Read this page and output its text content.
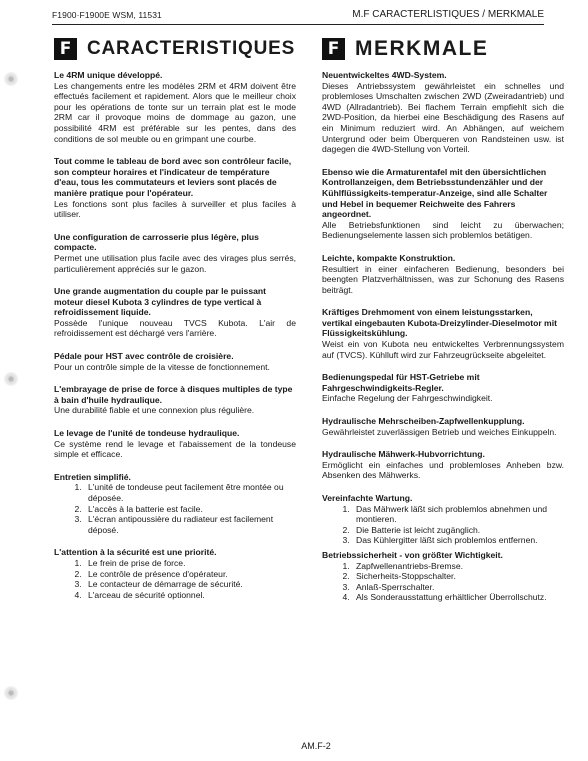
F1900·F1900E WSM, 11531	M.F CARACTERLISTIQUES / MERKMALE
F CARACTERISTIQUES
Le 4RM unique développé.

Les changements entre les modèles 2RM et 4RM doivent être effectués facilement et rapidement. Alors que le meilleur choix pour les opérations de tonte sur un terrain plat est le mode 2RM car il provoque moins de dommage au gazon, une possibilité 4RM est préférable sur les pentes, dans des conditions de sol meuble ou en grimpant une courbe.

Tout comme le tableau de bord avec son contrôleur facile, son compteur horaires et l'indicateur de température d'eau, tous les commutateurs et leviers sont placés de manière pratique pour l'opérateur.

Les fonctions sont plus faciles à surveiller et plus faciles à utiliser.

Une configuration de carrosserie plus légère, plus compacte.

Permet une utilisation plus facile avec des virages plus serrés, particulièrement appréciés sur le gazon.

Une grande augmentation du couple par le puissant moteur diesel Kubota 3 cylindres de type vertical à refroidissement liquide.

Possède l'unique nouveau TVCS Kubota. L'air de refroidissement est déchargé vers l'arrière.

Pédale pour HST avec contrôle de croisière.

Pour un contrôle simple de la vitesse de fonctionnement.

L'embrayage de prise de force à disques multiples de type à bain d'huile hydraulique.

Une durabilité fiable et une connexion plus régulière.

Le levage de l'unité de tondeuse hydraulique.

Ce système rend le levage et l'abaissement de la tondeuse simple et efficace.

Entretien simplifié.
1. L'unité de tondeuse peut facilement être montée ou déposée.
2. L'accès à la batterie est facile.
3. L'écran antipoussière du radiateur est facilement déposé.
L'attention à la sécurité est une priorité.
1. Le frein de prise de force.
2. Le contrôle de présence d'opérateur.
3. Le contacteur de démarrage de sécurité.
4. L'arceau de sécurité optionnel.
F MERKMALE
Neuentwickeltes 4WD-System.

Dieses Antriebssystem gewährleistet ein schnelles und problemloses Umschalten zwischen 2WD (Zweiradantrieb) und 4WD (Allradantrieb). Bei flachem Terrain empfiehlt sich die 2WD-Position, da hierbei eine Beschädigung des Rasens auf ein Minimum reduziert wird. An Abhängen, auf weichem Untergrund oder beim Überqueren von Randsteinen usw. ist dagegen die 4WD-Stellung von Vorteil.

Ebenso wie die Armaturentafel mit den übersichtlichen Kontrollanzeigen, dem Betriebsstundenzähler und der Kühlflüssigkeits-temperatur-Anzeige, sind alle Schalter und Hebel in bequemer Reichweite des Fahrers angeordnet.

Alle Betriebsfunktionen sind leicht zu überwachen; Bedienungselemente lassen sich problemlos betätigen.

Leichte, kompakte Konstruktion.

Resultiert in einer einfacheren Bedienung, besonders bei beengten Platzverhältnissen, was zur Schonung des Rasens beiträgt.

Kräftiges Drehmoment von einem leistungsstarken, vertikal eingebauten Kubota-Dreizylinder-Dieselmotor mit Flüssigkeitskühlung.

Weist ein von Kubota neu entwickeltes Verbrennungssystem auf (TVCS). Kühlluft wird zur Fahrzeugrückseite abgeleitet.

Bedienungspedal für HST-Getriebe mit Fahrgeschwindigkeits-Regler.

Einfache Regelung der Fahrgeschwindigkeit.

Hydraulische Mehrscheiben-Zapfwellenkupplung.

Gewährleistet zuverlässigen Betrieb und weiches Einkuppeln.

Hydraulische Mähwerk-Hubvorrichtung.

Ermöglicht ein einfaches und problemloses Anheben bzw. Absenken des Mähwerks.

Vereinfachte Wartung.
1. Das Mähwerk läßt sich problemlos abnehmen und montieren.
2. Die Batterie ist leicht zugänglich.
3. Das Kühlergitter läßt sich problemlos entfernen.
Betriebssicherheit - von größter Wichtigkeit.
1. Zapfwellenantriebs-Bremse.
2. Sicherheits-Stoppschalter.
3. Anlaß-Sperrschalter.
4. Als Sonderausstattung erhältlicher Überrollschutz.
AM.F-2
